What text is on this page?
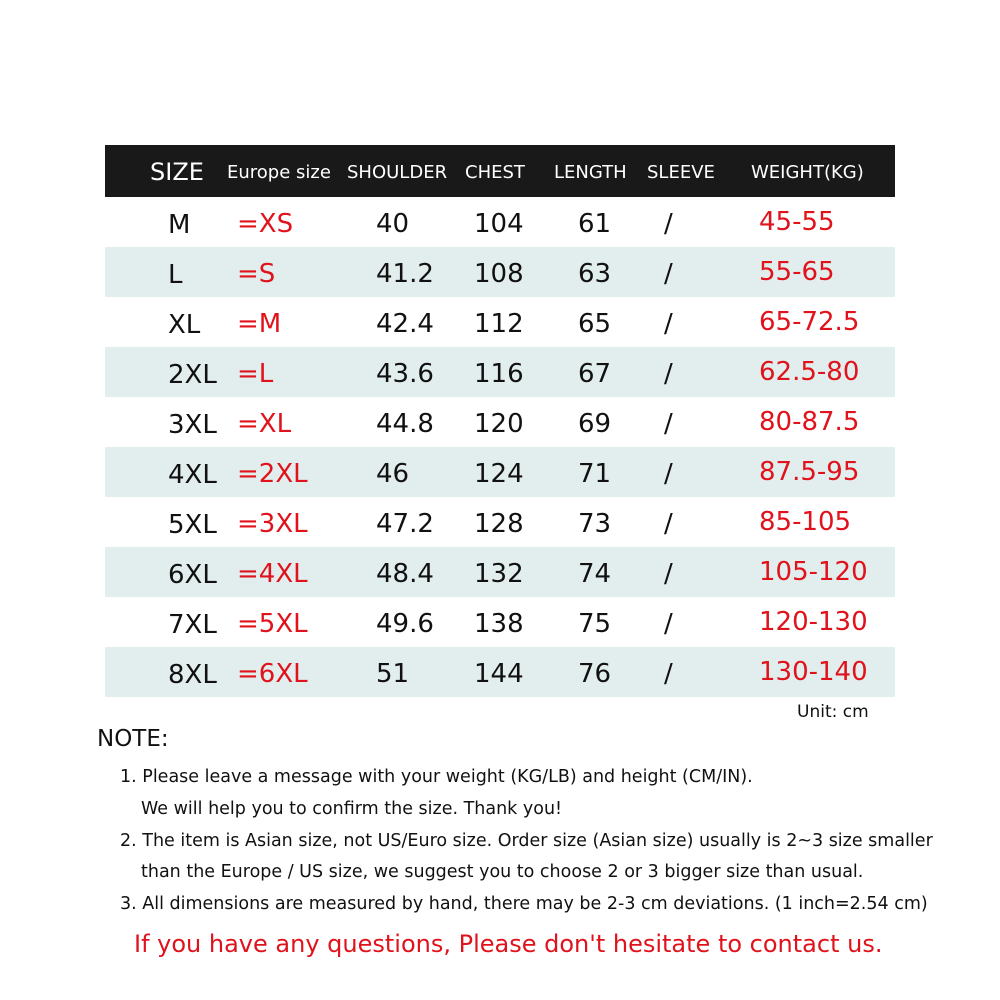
SIZE Europe size SHOULDER CHEST LENGTH SLEEVE WEIGHT(KG)
M =XS	40 104 61 /	45-55
L =S	41.2 108 63 /	55-65
XL =M	42.4 112 65 /	65-72.5
2XL =L	43.6 116 67 /	62.5-80
3XL =XL	44.8 120 69 /	80-87.5
4XL =2XL	46 124 71 /	87.5-95
5XL =3XL	47.2 128 73 /	85-105
6XL =4XL	48.4 132 74 /	105-120
7XL =5XL	49.6 138 75 /	120-130
8XL =6XL	51 144 76 /	130-140
Unit: cm
NOTE:
1. Please leave a message with your weight (KG/LB) and height (CM/IN).
We will help you to confirm the size. Thank you!
2. The item is Asian size, not US/Euro size. Order size (Asian size) usually is 2~3 size smaller
than the Europe / US size, we suggest you to choose 2 or 3 bigger size than usual.
3. All dimensions are measured by hand, there may be 2-3 cm deviations. (1 inch=2.54 cm)
If you have any questions, Please don't hesitate to contact us.
